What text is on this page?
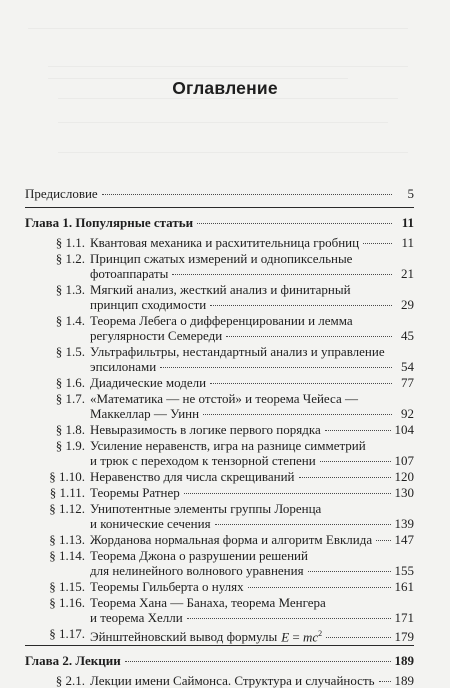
Оглавление
Предисловие	5
Глава 1. Популярные статьи	11
§ 1.1. Квантовая механика и расхитительница гробниц	11
§ 1.2. Принцип сжатых измерений и однопиксельные
фотоаппараты	21
§ 1.3. Мягкий анализ, жесткий анализ и финитарный
принцип сходимости	29
§ 1.4. Теорема Лебега о дифференцировании и лемма
регулярности Семереди	45
§ 1.5. Ультрафильтры, нестандартный анализ и управление
эпсилонами	54
§ 1.6. Диадические модели	77
§ 1.7. «Математика — не отстой» и теорема Чейеса —
Маккеллар — Уинн	92
§ 1.8. Невыразимость в логике первого порядка	104
§ 1.9. Усиление неравенств, игра на разнице симметрий
и трюк с переходом к тензорной степени	107
§ 1.10. Неравенство для числа скрещиваний	120
§ 1.11. Теоремы Ратнер	130
§ 1.12. Унипотентные элементы группы Лоренца
и конические сечения	139
§ 1.13. Жорданова нормальная форма и алгоритм Евклида 147
§ 1.14. Теорема Джона о разрушении решений
для нелинейного волнового уравнения	155
§ 1.15. Теоремы Гильберта о нулях	161
§ 1.16. Теорема Хана — Банаха, теорема Менгера
и теорема Хелли	171
§ 1.17. Эйнштейновский вывод формулы $E = mc^2$	179
Глава 2. Лекции	189
§ 2.1. Лекции имени Саймонса. Структура и случайность 189
